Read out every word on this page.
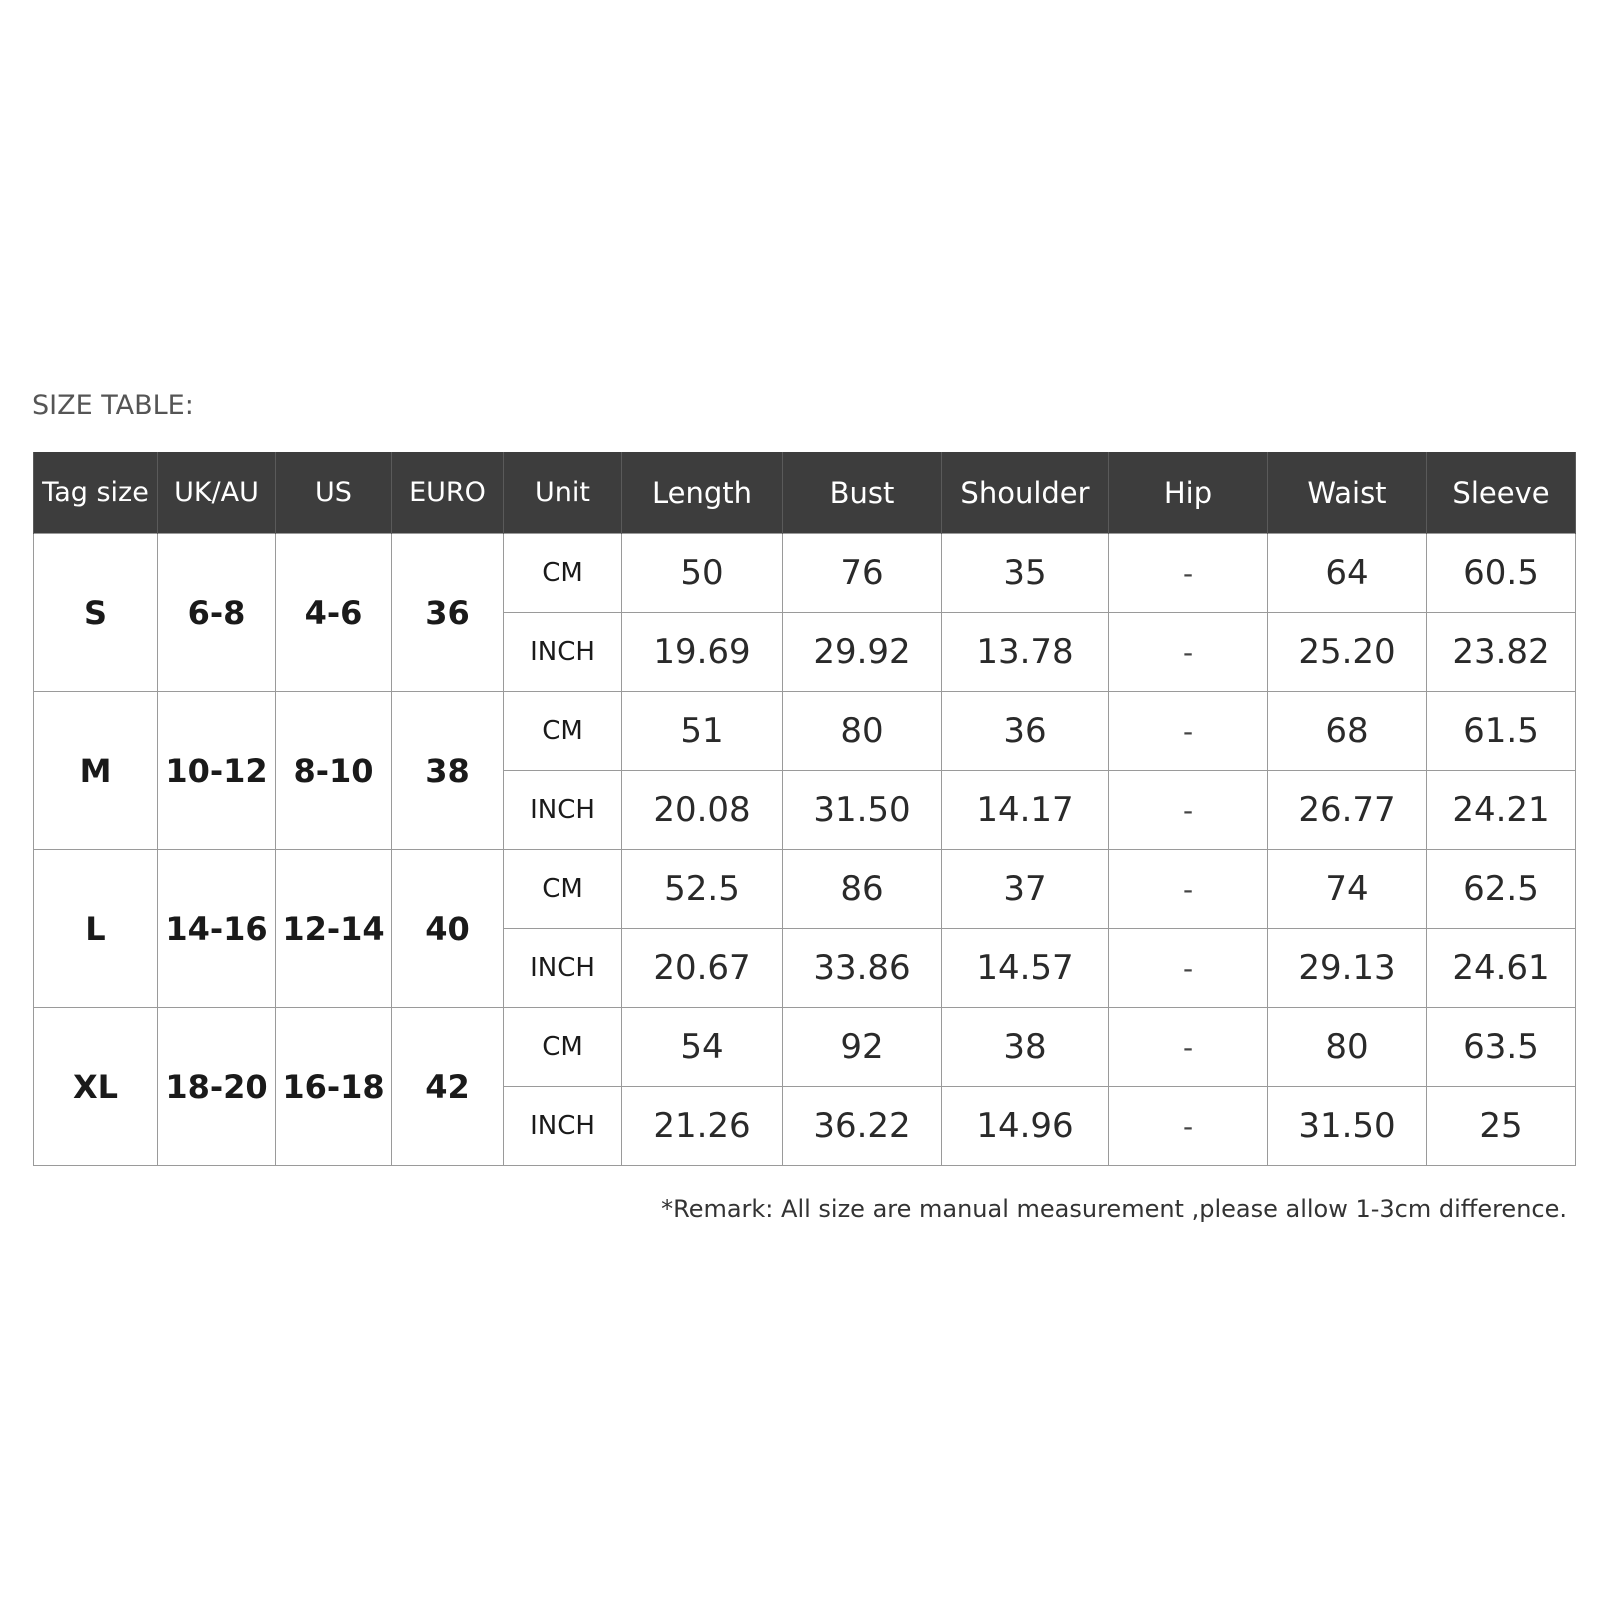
SIZE TABLE:
Tag size	UK/AU	US	EURO	Unit	Length	Bust	Shoulder	Hip	Waist	Sleeve
S	6-8	4-6	36	CM	50	76	35	-	64	60.5
				INCH	19.69	29.92	13.78	-	25.20	23.82
M	10-12	8-10	38	CM	51	80	36	-	68	61.5
				INCH	20.08	31.50	14.17	-	26.77	24.21
L	14-16	12-14	40	CM	52.5	86	37	-	74	62.5
				INCH	20.67	33.86	14.57	-	29.13	24.61
XL	18-20	16-18	42	CM	54	92	38	-	80	63.5
				INCH	21.26	36.22	14.96	-	31.50	25
*Remark: All size are manual measurement ,please allow 1-3cm difference.
